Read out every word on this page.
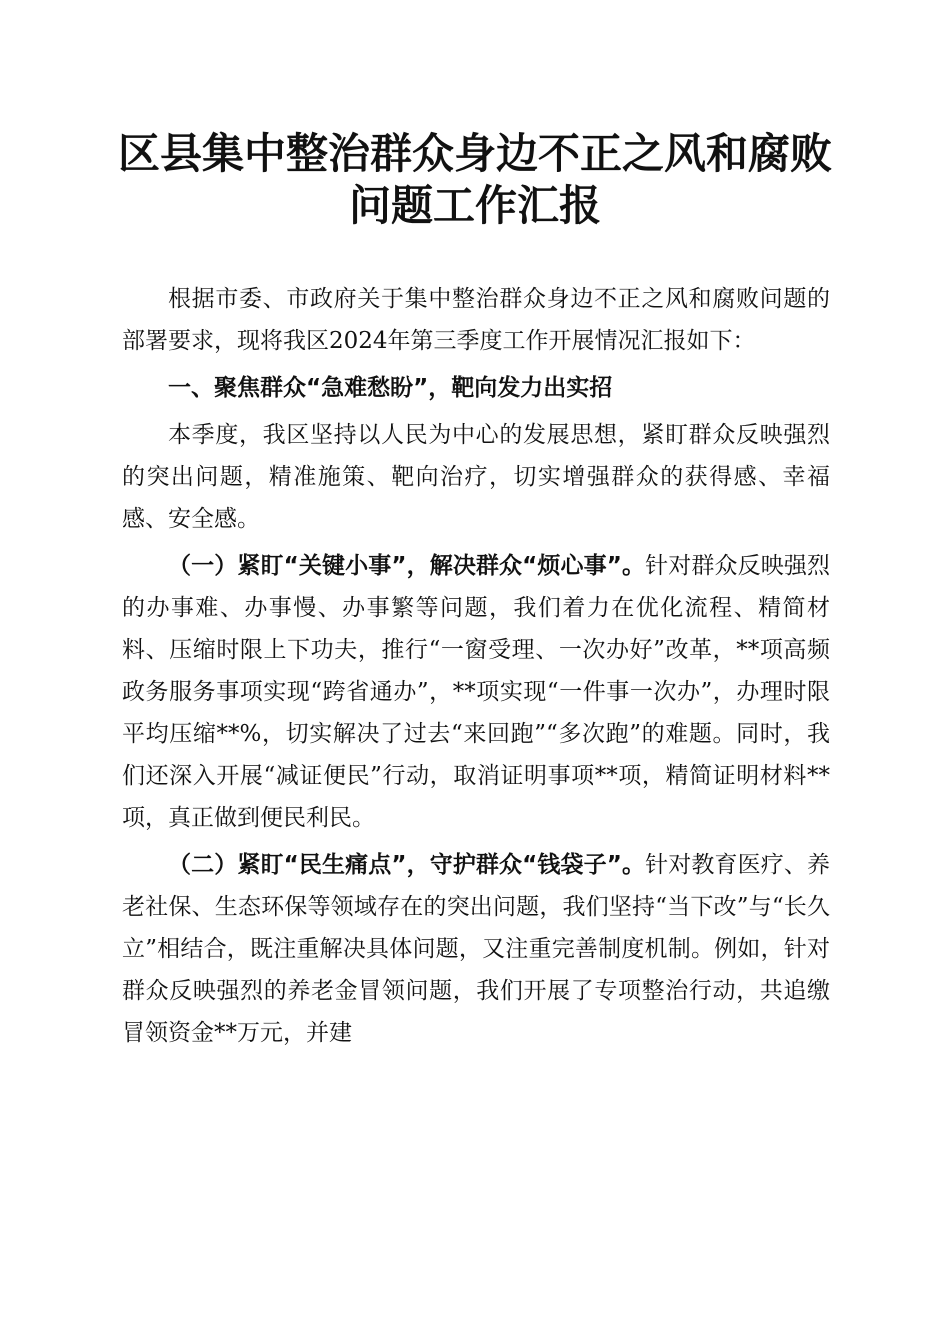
区县集中整治群众身边不正之风和腐败问题工作汇报

根据市委、市政府关于集中整治群众身边不正之风和腐败问题的部署要求，现将我区2024年第三季度工作开展情况汇报如下：

一、聚焦群众“急难愁盼”，靶向发力出实招

本季度，我区坚持以人民为中心的发展思想，紧盯群众反映强烈的突出问题，精准施策、靶向治疗，切实增强群众的获得感、幸福感、安全感。

（一）紧盯“关键小事”，解决群众“烦心事”。针对群众反映强烈的办事难、办事慢、办事繁等问题，我们着力在优化流程、精简材料、压缩时限上下功夫，推行“一窗受理、一次办好”改革，**项高频政务服务事项实现“跨省通办”，**项实现“一件事一次办”，办理时限平均压缩**%，切实解决了过去“来回跑”“多次跑”的难题。同时，我们还深入开展“减证便民”行动，取消证明事项**项，精简证明材料**项，真正做到便民利民。

（二）紧盯“民生痛点”，守护群众“钱袋子”。针对教育医疗、养老社保、生态环保等领域存在的突出问题，我们坚持“当下改”与“长久立”相结合，既注重解决具体问题，又注重完善制度机制。例如，针对群众反映强烈的养老金冒领问题，我们开展了专项整治行动，共追缴冒领资金**万元，并建
